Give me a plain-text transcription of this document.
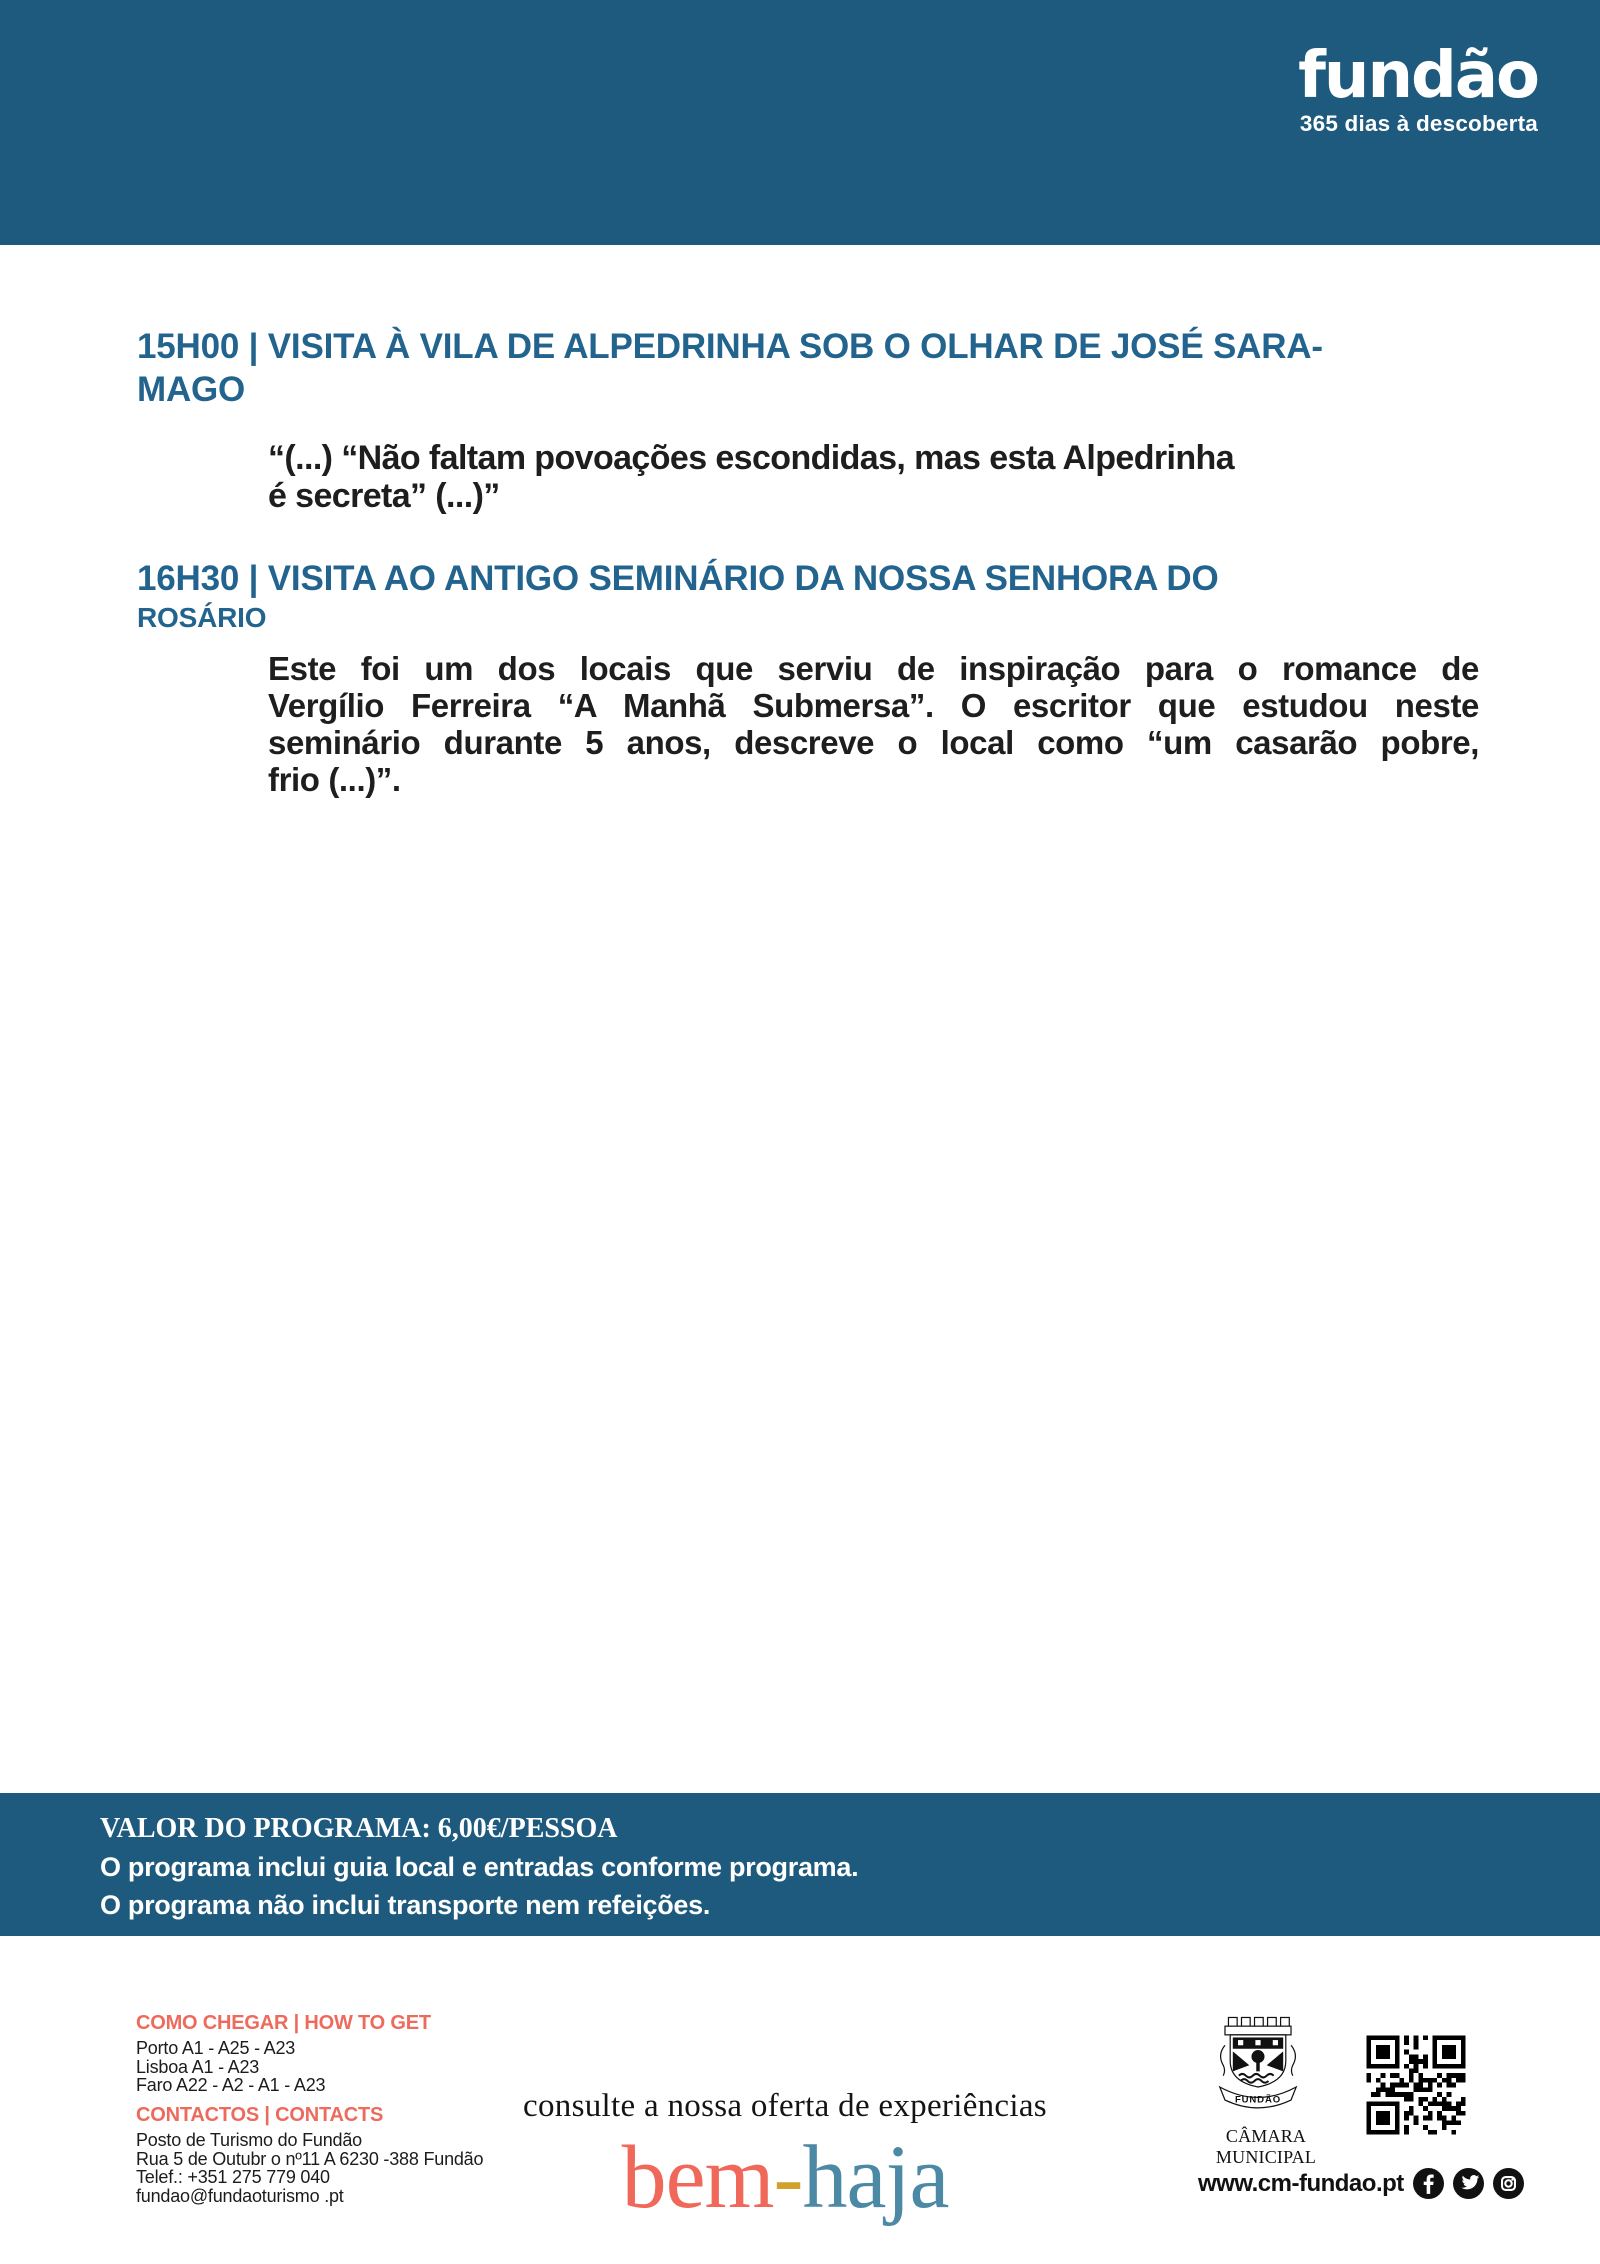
fundão
365 dias à descoberta
15H00 | VISITA À VILA DE ALPEDRINHA SOB O OLHAR DE JOSÉ SARA-
MAGO
“(...) “Não faltam povoações escondidas, mas esta Alpedrinha
é secreta” (...)”
16H30 | VISITA AO ANTIGO SEMINÁRIO DA NOSSA SENHORA DO
ROSÁRIO
Este foi um dos locais que serviu de inspiração para o romance de
Vergílio Ferreira “A Manhã Submersa”. O escritor que estudou neste
seminário durante 5 anos, descreve o local como “um casarão pobre,
frio (...)”.
VALOR DO PROGRAMA: 6,00€/PESSOA
O programa inclui guia local e entradas conforme programa.
O programa não inclui transporte nem refeições.
COMO CHEGAR | HOW TO GET
Porto A1 - A25 - A23
Lisboa A1 - A23
Faro A22 - A2 - A1 - A23
CONTACTOS | CONTACTS
Posto de Turismo do Fundão
Rua 5 de Outubr o nº11 A 6230 -388 Fundão
Telef.: +351 275 779 040
fundao@fundaoturismo .pt
consulte a nossa oferta de experiências
bem-haja
FUNDÃO
CÂMARA MUNICIPAL
www.cm-fundao.pt
